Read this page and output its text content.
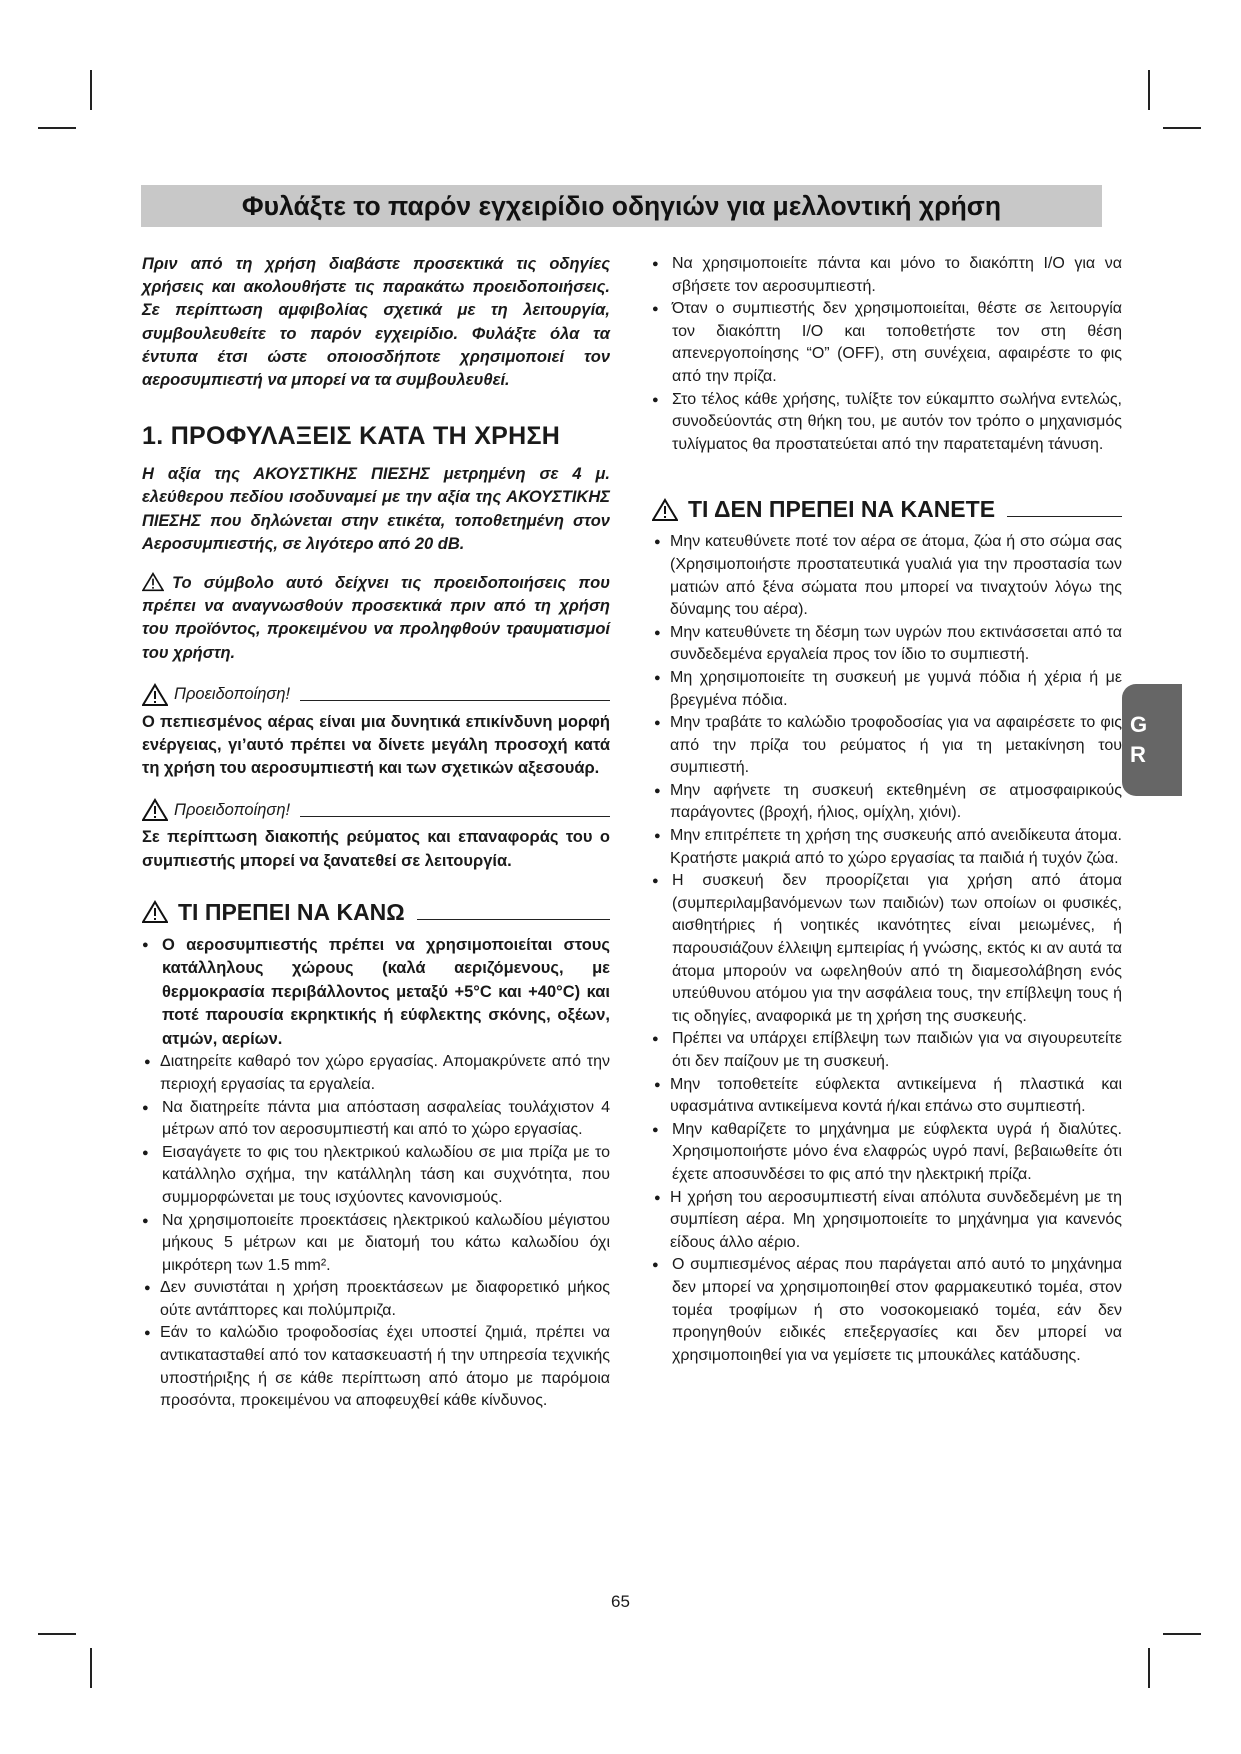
Φυλάξτε το παρόν εγχειρίδιο οδηγιών για μελλοντική χρήση

Πριν από τη χρήση διαβάστε προσεκτικά τις οδηγίες χρήσεις και ακολουθήστε τις παρακάτω προειδοποιήσεις. Σε περίπτωση αμφιβολίας σχετικά με τη λειτουργία, συμβουλευθείτε το παρόν εγχειρίδιο. Φυλάξτε όλα τα έντυπα έτσι ώστε οποιοσδήποτε χρησιμοποιεί τον αεροσυμπιεστή να μπορεί να τα συμβουλευθεί.

1. ΠΡΟΦΥΛΑΞΕΙΣ ΚΑΤΑ ΤΗ ΧΡΗΣΗ

Η αξία της ΑΚΟΥΣΤΙΚΗΣ ΠΙΕΣΗΣ μετρημένη σε 4 μ. ελεύθερου πεδίου ισοδυναμεί με την αξία της ΑΚΟΥΣΤΙΚΗΣ ΠΙΕΣΗΣ που δηλώνεται στην ετικέτα, τοποθετημένη στον Αεροσυμπιεστής, σε λιγότερο από 20 dB.

Το σύμβολο αυτό δείχνει τις προειδοποιήσεις που πρέπει να αναγνωσθούν προσεκτικά πριν από τη χρήση του προϊόντος, προκειμένου να προληφθούν τραυματισμοί του χρήστη.

Προειδοποίηση!

Ο πεπιεσμένος αέρας είναι μια δυνητικά επικίνδυνη μορφή ενέργειας, γι’αυτό πρέπει να δίνετε μεγάλη προσοχή κατά τη χρήση του αεροσυμπιεστή και των σχετικών αξεσουάρ.

Προειδοποίηση!

Σε περίπτωση διακοπής ρεύματος και επαναφοράς του ο συμπιεστής μπορεί να ξανατεθεί σε λειτουργία.

ΤΙ ΠΡΕΠΕΙ ΝΑ ΚΑΝΩ
● Ο αεροσυμπιεστής πρέπει να χρησιμοποιείται στους κατάλληλους χώρους (καλά αεριζόμενους, με θερμοκρασία περιβάλλοντος μεταξύ +5°C και +40°C) και ποτέ παρουσία εκρηκτικής ή εύφλεκτης σκόνης, οξέων, ατμών, αερίων.
● Διατηρείτε καθαρό τον χώρο εργασίας. Απομακρύνετε από την περιοχή εργασίας τα εργαλεία.
● Να διατηρείτε πάντα μια απόσταση ασφαλείας τουλάχιστον 4 μέτρων από τον αεροσυμπιεστή και από το χώρο εργασίας.
● Εισαγάγετε το φις του ηλεκτρικού καλωδίου σε μια πρίζα με το κατάλληλο σχήμα, την κατάλληλη τάση και συχνότητα, που συμμορφώνεται με τους ισχύοντες κανονισμούς.
● Να χρησιμοποιείτε προεκτάσεις ηλεκτρικού καλωδίου μέγιστου μήκους 5 μέτρων και με διατομή του κάτω καλωδίου όχι μικρότερη των 1.5 mm².
● Δεν συνιστάται η χρήση προεκτάσεων με διαφορετικό μήκος ούτε αντάπτορες και πολύμπριζα.
● Εάν το καλώδιο τροφοδοσίας έχει υποστεί ζημιά, πρέπει να αντικατασταθεί από τον κατασκευαστή ή την υπηρεσία τεχνικής υποστήριξης ή σε κάθε περίπτωση από άτομο με παρόμοια προσόντα, προκειμένου να αποφευχθεί κάθε κίνδυνος.
● Να χρησιμοποιείτε πάντα και μόνο το διακόπτη I/O για να σβήσετε τον αεροσυμπιεστή.
● Όταν ο συμπιεστής δεν χρησιμοποιείται, θέστε σε λειτουργία τον διακόπτη I/O και τοποθετήστε τον στη θέση απενεργοποίησης “O” (OFF), στη συνέχεια, αφαιρέστε το φις από την πρίζα.
● Στο τέλος κάθε χρήσης, τυλίξτε τον εύκαμπτο σωλήνα εντελώς, συνοδεύοντάς στη θήκη του, με αυτόν τον τρόπο ο μηχανισμός τυλίγματος θα προστατεύεται από την παρατεταμένη τάνυση.
ΤΙ ΔΕΝ ΠΡΕΠΕΙ ΝΑ ΚΑΝΕΤΕ
● Μην κατευθύνετε ποτέ τον αέρα σε άτομα, ζώα ή στο σώμα σας (Χρησιμοποιήστε προστατευτικά γυαλιά για την προστασία των ματιών από ξένα σώματα που μπορεί να τιναχτούν λόγω της δύναμης του αέρα).
● Μην κατευθύνετε τη δέσμη των υγρών που εκτινάσσεται από τα συνδεδεμένα εργαλεία προς τον ίδιο το συμπιεστή.
● Μη χρησιμοποιείτε τη συσκευή με γυμνά πόδια ή χέρια ή με βρεγμένα πόδια.
● Μην τραβάτε το καλώδιο τροφοδοσίας για να αφαιρέσετε το φις από την πρίζα του ρεύματος ή για τη μετακίνηση του συμπιεστή.
● Μην αφήνετε τη συσκευή εκτεθημένη σε ατμοσφαιρικούς παράγοντες (βροχή, ήλιος, ομίχλη, χιόνι).
● Μην επιτρέπετε τη χρήση της συσκευής από ανειδίκευτα άτομα. Κρατήστε μακριά από το χώρο εργασίας τα παιδιά ή τυχόν ζώα.
● Η συσκευή δεν προορίζεται για χρήση από άτομα (συμπεριλαμβανόμενων των παιδιών) των οποίων οι φυσικές, αισθητήριες ή νοητικές ικανότητες είναι μειωμένες, ή παρουσιάζουν έλλειψη εμπειρίας ή γνώσης, εκτός κι αν αυτά τα άτομα μπορούν να ωφεληθούν από τη διαμεσολάβηση ενός υπεύθυνου ατόμου για την ασφάλεια τους, την επίβλεψη τους ή τις οδηγίες, αναφορικά με τη χρήση της συσκευής.
● Πρέπει να υπάρχει επίβλεψη των παιδιών για να σιγουρευτείτε ότι δεν παίζουν με τη συσκευή.
● Μην τοποθετείτε εύφλεκτα αντικείμενα ή πλαστικά και υφασμάτινα αντικείμενα κοντά ή/και επάνω στο συμπιεστή.
● Μην καθαρίζετε το μηχάνημα με εύφλεκτα υγρά ή διαλύτες. Χρησιμοποιήστε μόνο ένα ελαφρώς υγρό πανί, βεβαιωθείτε ότι έχετε αποσυνδέσει το φις από την ηλεκτρική πρίζα.
● Η χρήση του αεροσυμπιεστή είναι απόλυτα συνδεδεμένη με τη συμπίεση αέρα. Μη χρησιμοποιείτε το μηχάνημα για κανενός είδους άλλο αέριο.
● Ο συμπιεσμένος αέρας που παράγεται από αυτό το μηχάνημα δεν μπορεί να χρησιμοποιηθεί στον φαρμακευτικό τομέα, στον τομέα τροφίμων ή στο νοσοκομειακό τομέα, εάν δεν προηγηθούν ειδικές επεξεργασίες και δεν μπορεί να χρησιμοποιηθεί για να γεμίσετε τις μπουκάλες κατάδυσης.
G
R
65
